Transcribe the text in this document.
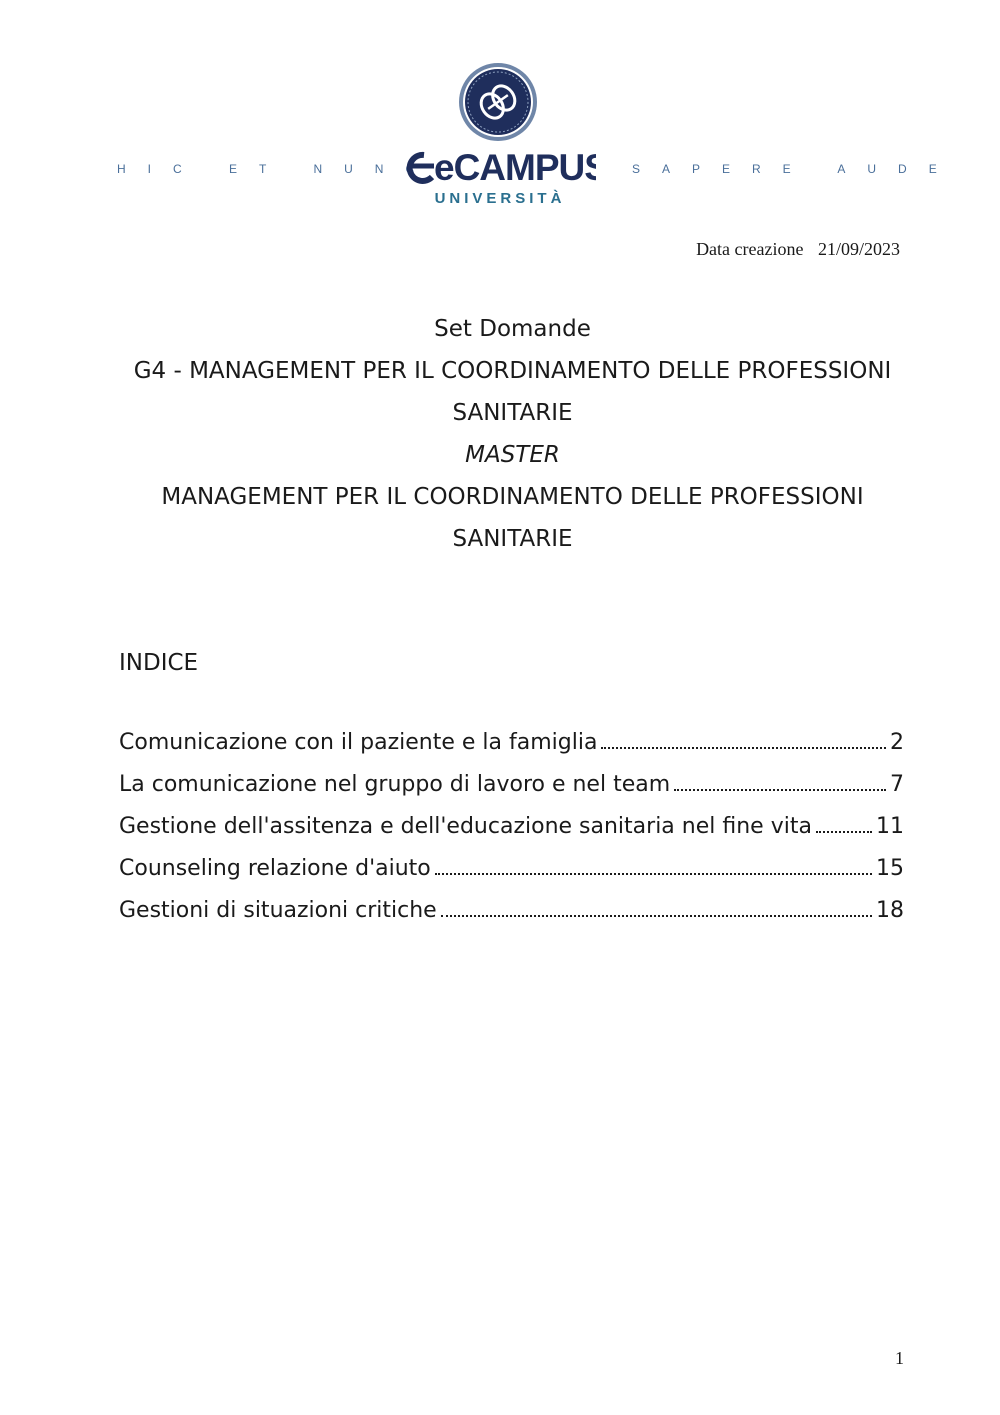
HIC ET NUNC
eCAMPUS
UNIVERSITÀ
SAPERE AUDE
Data creazione 21/09/2023
Set Domande
G4 - MANAGEMENT PER IL COORDINAMENTO DELLE PROFESSIONI SANITARIE
MASTER
MANAGEMENT PER IL COORDINAMENTO DELLE PROFESSIONI SANITARIE
INDICE
Comunicazione con il paziente e la famiglia	2
La comunicazione nel gruppo di lavoro e nel team	7
Gestione dell'assitenza e dell'educazione sanitaria nel fine vita	11
Counseling relazione d'aiuto	15
Gestioni di situazioni critiche	18
1
